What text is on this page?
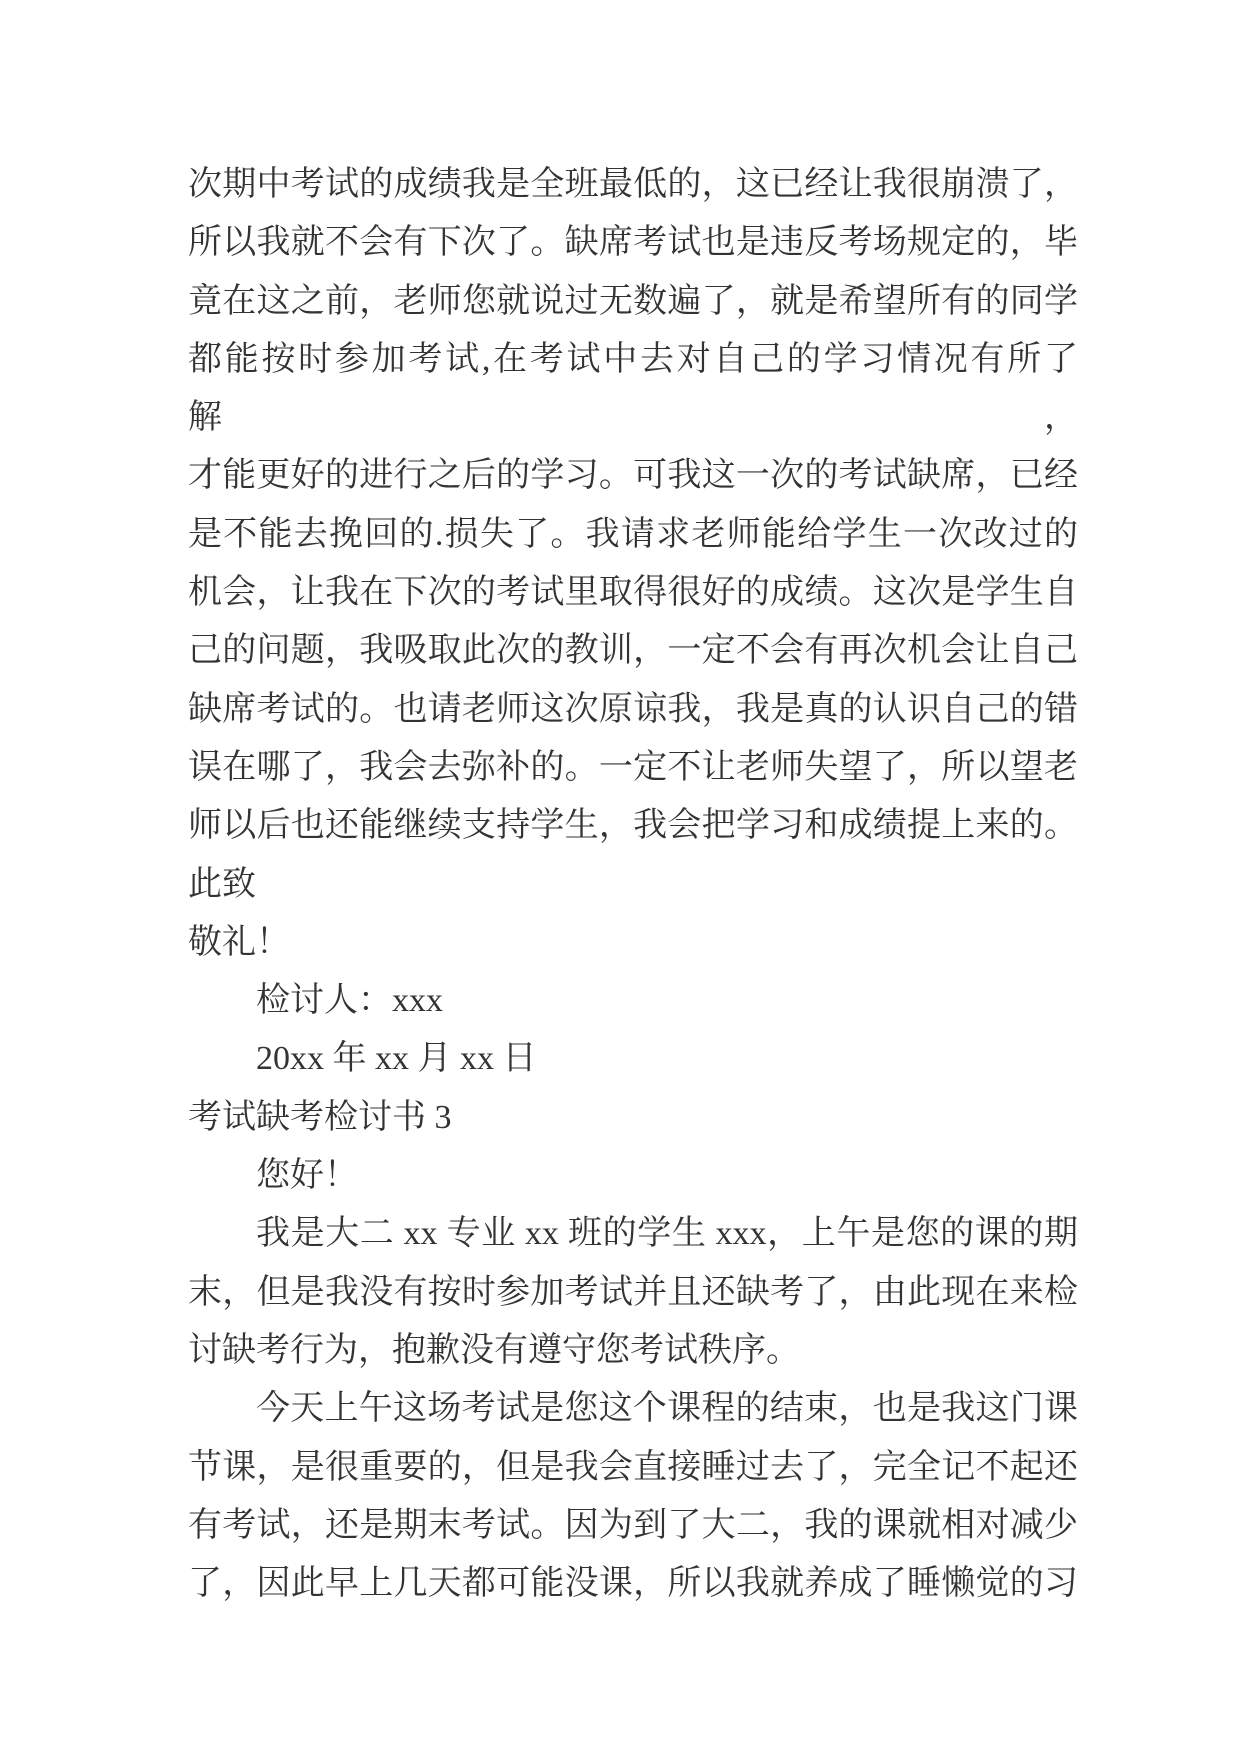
次期中考试的成绩我是全班最低的，这已经让我很崩溃了，
所以我就不会有下次了。缺席考试也是违反考场规定的，毕
竟在这之前，老师您就说过无数遍了，就是希望所有的同学
都能按时参加考试,在考试中去对自己的学习情况有所了解，
才能更好的进行之后的学习。可我这一次的考试缺席，已经
是不能去挽回的.损失了。我请求老师能给学生一次改过的
机会，让我在下次的考试里取得很好的成绩。这次是学生自
己的问题，我吸取此次的教训，一定不会有再次机会让自己
缺席考试的。也请老师这次原谅我，我是真的认识自己的错
误在哪了，我会去弥补的。一定不让老师失望了，所以望老
师以后也还能继续支持学生，我会把学习和成绩提上来的。
此致
敬礼！
检讨人：xxx
20xx 年 xx 月 xx 日
考试缺考检讨书 3
您好！
我是大二 xx 专业 xx 班的学生 xxx，上午是您的课的期
末，但是我没有按时参加考试并且还缺考了，由此现在来检
讨缺考行为，抱歉没有遵守您考试秩序。
今天上午这场考试是您这个课程的结束，也是我这门课
节课，是很重要的，但是我会直接睡过去了，完全记不起还
有考试，还是期末考试。因为到了大二，我的课就相对减少
了，因此早上几天都可能没课，所以我就养成了睡懒觉的习
